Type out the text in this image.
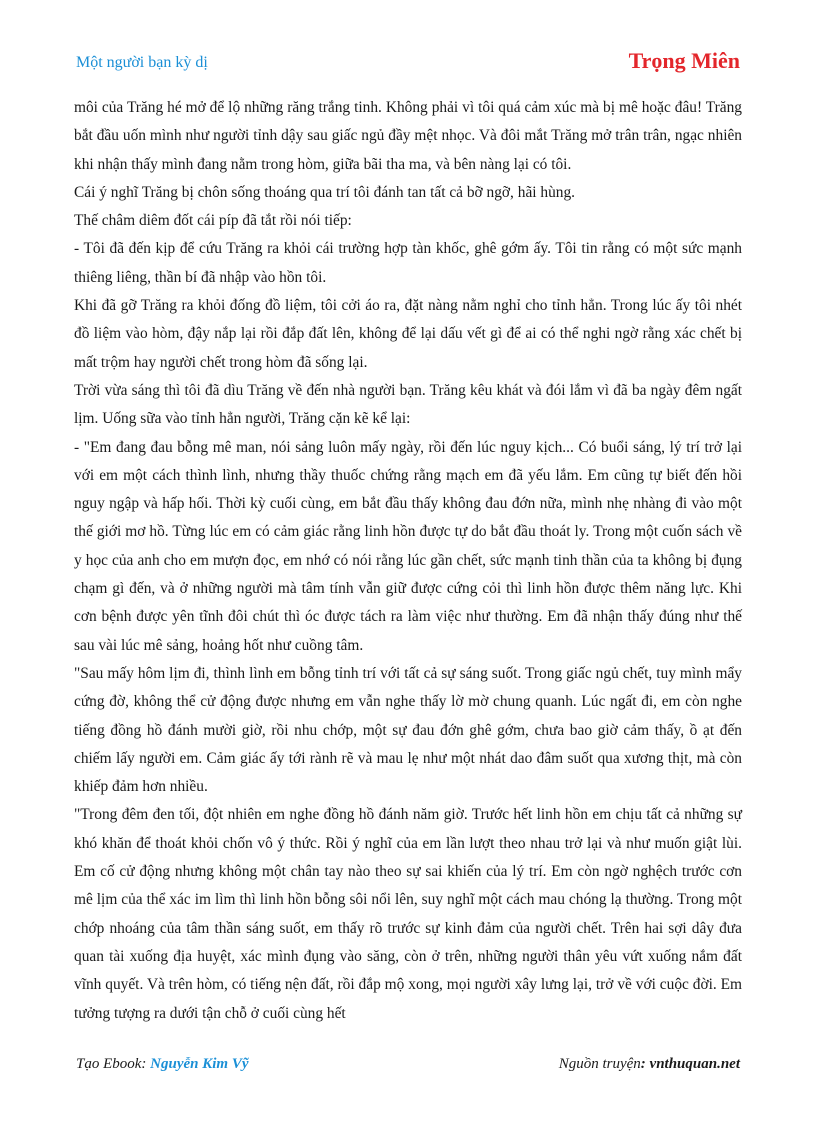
Một người bạn kỳ dị	Trọng Miên

môi của Trăng hé mở để lộ những răng trắng tinh. Không phải vì tôi quá cảm xúc mà bị mê hoặc đâu! Trăng bắt đầu uốn mình như người tỉnh dậy sau giấc ngủ đầy mệt nhọc. Và đôi mắt Trăng mở trân trân, ngạc nhiên khi nhận thấy mình đang nằm trong hòm, giữa bãi tha ma, và bên nàng lại có tôi.

Cái ý nghĩ Trăng bị chôn sống thoáng qua trí tôi đánh tan tất cả bỡ ngỡ, hãi hùng.

Thế châm diêm đốt cái píp đã tắt rồi nói tiếp:

- Tôi đã đến kịp để cứu Trăng ra khỏi cái trường hợp tàn khốc, ghê gớm ấy. Tôi tin rằng có một sức mạnh thiêng liêng, thần bí đã nhập vào hồn tôi.

Khi đã gỡ Trăng ra khỏi đống đồ liệm, tôi cởi áo ra, đặt nàng nằm nghỉ cho tỉnh hẳn. Trong lúc ấy tôi nhét đồ liệm vào hòm, đậy nắp lại rồi đắp đất lên, không để lại dấu vết gì để ai có thể nghi ngờ rằng xác chết bị mất trộm hay người chết trong hòm đã sống lại.

Trời vừa sáng thì tôi đã dìu Trăng về đến nhà người bạn. Trăng kêu khát và đói lắm vì đã ba ngày đêm ngất lịm. Uống sữa vào tỉnh hẳn người, Trăng cặn kẽ kể lại:

- "Em đang đau bỗng mê man, nói sảng luôn mấy ngày, rồi đến lúc nguy kịch... Có buổi sáng, lý trí trở lại với em một cách thình lình, nhưng thầy thuốc chứng rằng mạch em đã yếu lắm. Em cũng tự biết đến hồi nguy ngập và hấp hối. Thời kỳ cuối cùng, em bắt đầu thấy không đau đớn nữa, mình nhẹ nhàng đi vào một thế giới mơ hồ. Từng lúc em có cảm giác rằng linh hồn được tự do bắt đầu thoát ly. Trong một cuốn sách về y học của anh cho em mượn đọc, em nhớ có nói rằng lúc gần chết, sức mạnh tinh thần của ta không bị đụng chạm gì đến, và ở những người mà tâm tính vẫn giữ được cứng cỏi thì linh hồn được thêm năng lực. Khi cơn bệnh được yên tĩnh đôi chút thì óc được tách ra làm việc như thường. Em đã nhận thấy đúng như thế sau vài lúc mê sảng, hoảng hốt như cuồng tâm.

"Sau mấy hôm lịm đi, thình lình em bỗng tỉnh trí với tất cả sự sáng suốt. Trong giấc ngủ chết, tuy mình mẩy cứng đờ, không thể cử động được nhưng em vẫn nghe thấy lờ mờ chung quanh. Lúc ngất đi, em còn nghe tiếng đồng hồ đánh mười giờ, rồi nhu chớp, một sự đau đớn ghê gớm, chưa bao giờ cảm thấy, ồ ạt đến chiếm lấy người em. Cảm giác ấy tới rành rẽ và mau lẹ như một nhát dao đâm suốt qua xương thịt, mà còn khiếp đảm hơn nhiều.

"Trong đêm đen tối, đột nhiên em nghe đồng hồ đánh năm giờ. Trước hết linh hồn em chịu tất cả những sự khó khăn để thoát khỏi chốn vô ý thức. Rồi ý nghĩ của em lần lượt theo nhau trở lại và như muốn giật lùi. Em cố cử động nhưng không một chân tay nào theo sự sai khiến của lý trí. Em còn ngờ nghệch trước cơn mê lịm của thể xác im lìm thì linh hồn bỗng sôi nổi lên, suy nghĩ một cách mau chóng lạ thường. Trong một chớp nhoáng của tâm thần sáng suốt, em thấy rõ trước sự kinh đảm của người chết. Trên hai sợi dây đưa quan tài xuống địa huyệt, xác mình đụng vào săng, còn ở trên, những người thân yêu vứt xuống nắm đất vĩnh quyết. Và trên hòm, có tiếng nện đất, rồi đắp mộ xong, mọi người xây lưng lại, trở về với cuộc đời. Em tưởng tượng ra dưới tận chỗ ở cuối cùng hết

Tạo Ebook: Nguyễn Kim Vỹ	Nguồn truyện: vnthuquan.net
